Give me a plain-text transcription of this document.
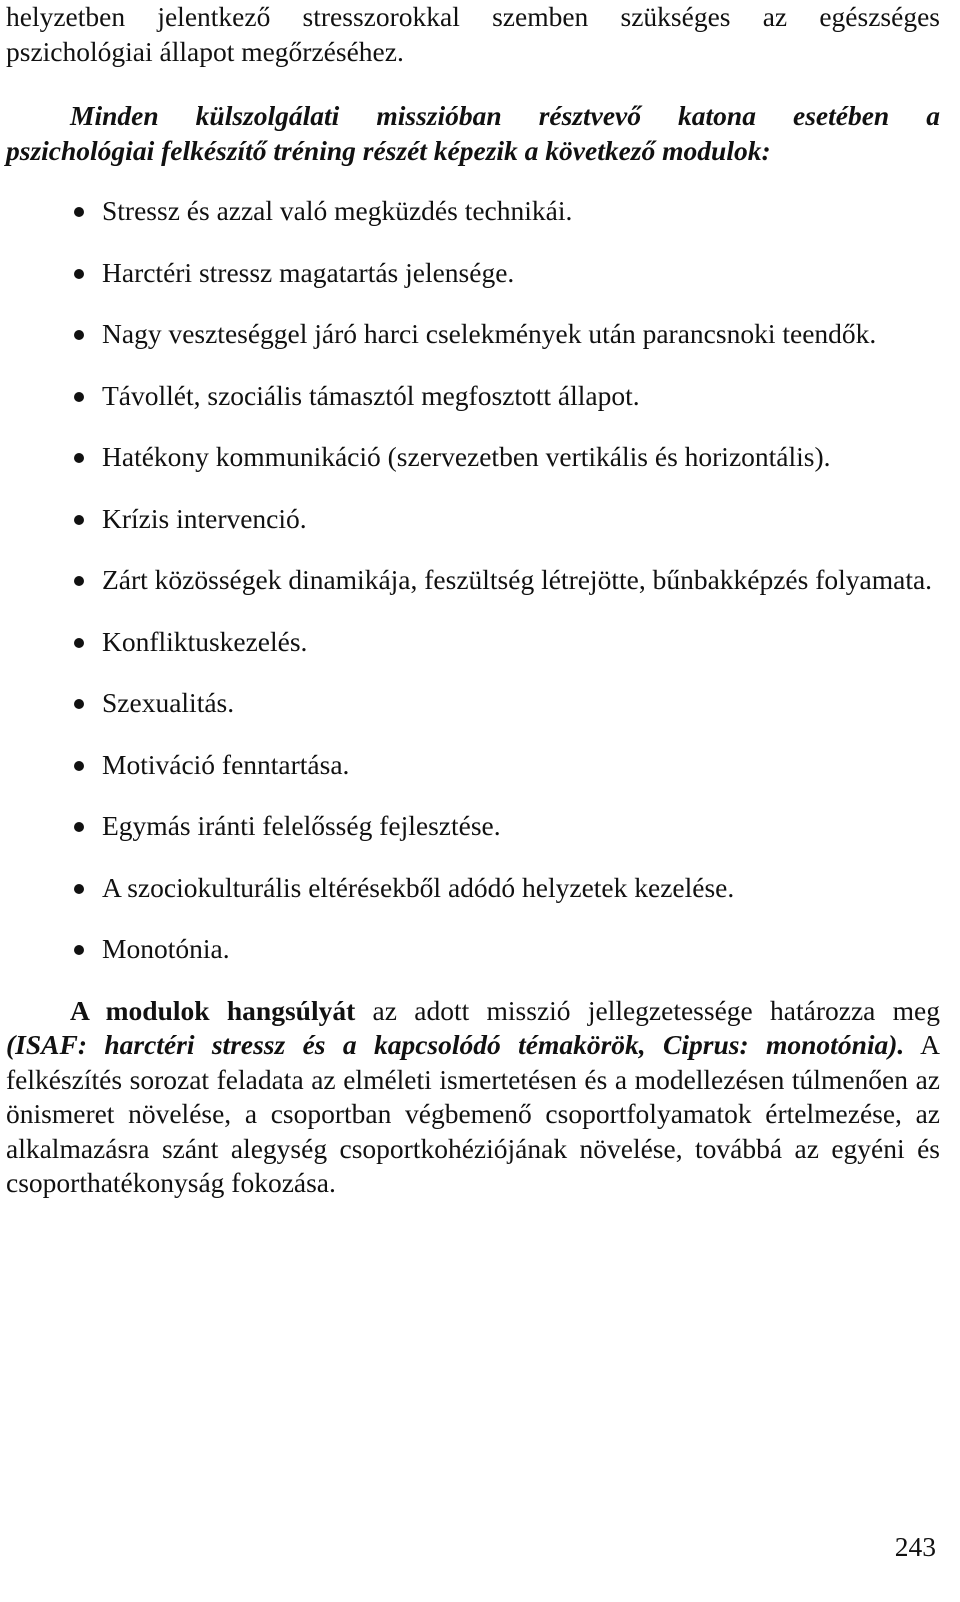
helyzetben jelentkező stresszorokkal szemben szükséges az egészséges
pszichológiai állapot megőrzéséhez.

Minden külszolgálati misszióban résztvevő katona esetében a
pszichológiai felkészítő tréning részét képezik a következő modulok:

Stressz és azzal való megküzdés technikái.
Harctéri stressz magatartás jelensége.
Nagy veszteséggel járó harci cselekmények után parancsnoki teendők.
Távollét, szociális támasztól megfosztott állapot.
Hatékony kommunikáció (szervezetben vertikális és horizontális).
Krízis intervenció.
Zárt közösségek dinamikája, feszültség létrejötte, bűnbakképzés folyamata.
Konfliktuskezelés.
Szexualitás.
Motiváció fenntartása.
Egymás iránti felelősség fejlesztése.
A szociokulturális eltérésekből adódó helyzetek kezelése.
Monotónia.

A modulok hangsúlyát az adott misszió jellegzetessége határozza meg (ISAF: harctéri stressz és a kapcsolódó témakörök, Ciprus: monotónia). A felkészítés sorozat feladata az elméleti ismertetésen és a modellezésen túlmenően az önismeret növelése, a csoportban végbemenő csoportfolyamatok értelmezése, az alkalmazásra szánt alegység csoportkohéziójának növelése, továbbá az egyéni és csoporthatékonyság fokozása.

243
